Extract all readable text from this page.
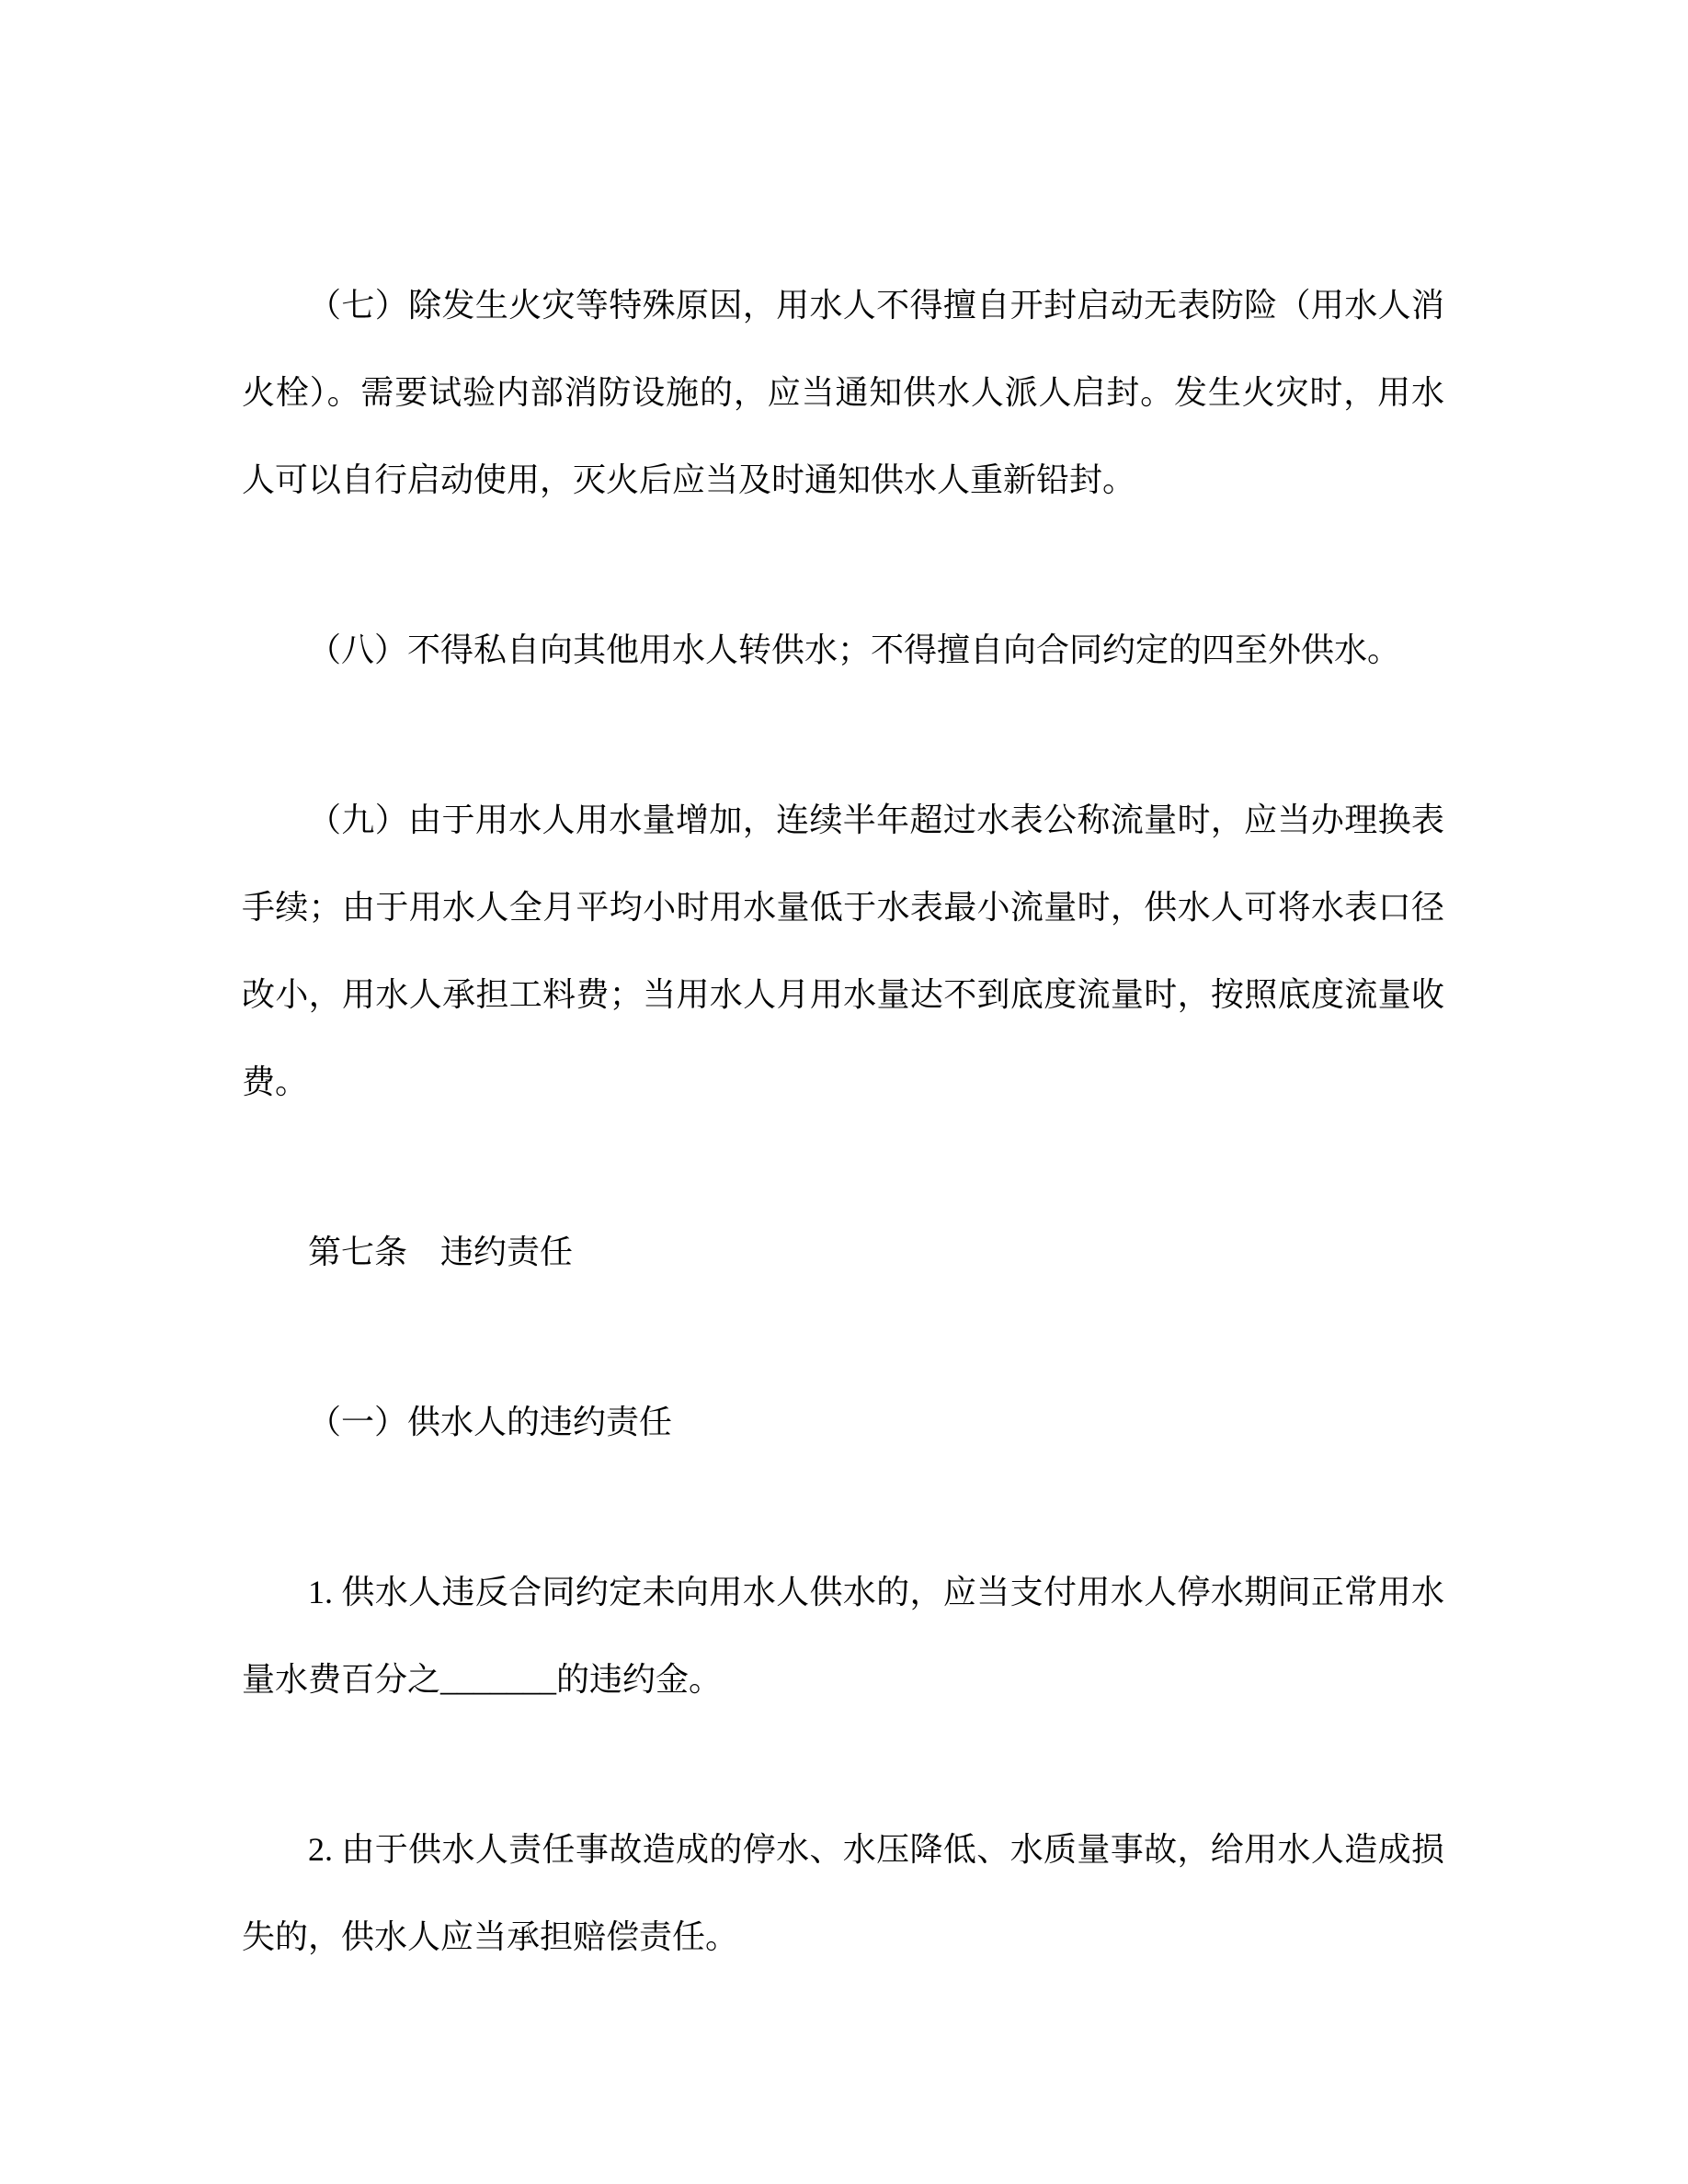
（七）除发生火灾等特殊原因，用水人不得擅自开封启动无表防险（用水人消火栓）。需要试验内部消防设施的，应当通知供水人派人启封。发生火灾时，用水人可以自行启动使用，灭火后应当及时通知供水人重新铅封。

（八）不得私自向其他用水人转供水；不得擅自向合同约定的四至外供水。

（九）由于用水人用水量增加，连续半年超过水表公称流量时，应当办理换表手续；由于用水人全月平均小时用水量低于水表最小流量时，供水人可将水表口径改小，用水人承担工料费；当用水人月用水量达不到底度流量时，按照底度流量收费。

第七条　违约责任

（一）供水人的违约责任

1. 供水人违反合同约定未向用水人供水的，应当支付用水人停水期间正常用水量水费百分之_______的违约金。

2. 由于供水人责任事故造成的停水、水压降低、水质量事故，给用水人造成损失的，供水人应当承担赔偿责任。
